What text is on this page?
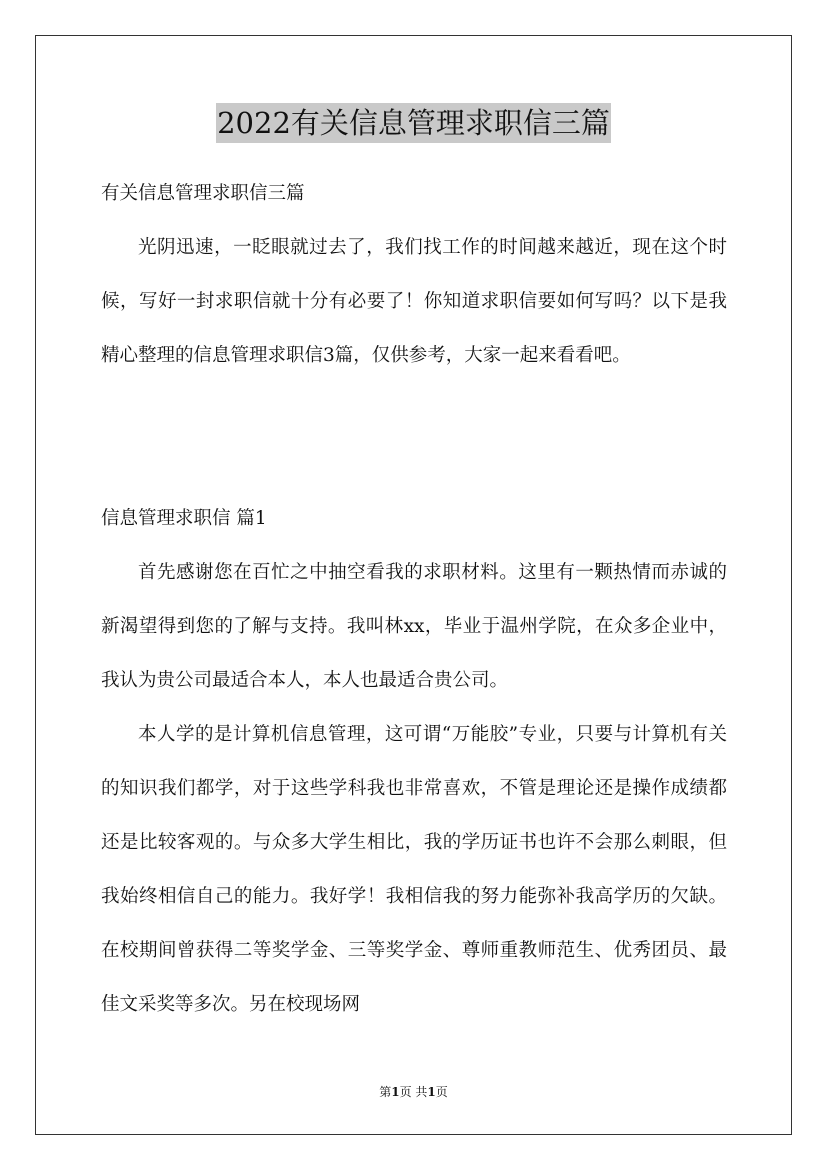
2022有关信息管理求职信三篇
有关信息管理求职信三篇

光阴迅速，一眨眼就过去了，我们找工作的时间越来越近，现在这个时候，写好一封求职信就十分有必要了！你知道求职信要如何写吗？以下是我精心整理的信息管理求职信3篇，仅供参考，大家一起来看看吧。

信息管理求职信 篇1

首先感谢您在百忙之中抽空看我的求职材料。这里有一颗热情而赤诚的新渴望得到您的了解与支持。我叫林xx，毕业于温州学院，在众多企业中，我认为贵公司最适合本人，本人也最适合贵公司。

本人学的是计算机信息管理，这可谓“万能胶”专业，只要与计算机有关的知识我们都学，对于这些学科我也非常喜欢，不管是理论还是操作成绩都还是比较客观的。与众多大学生相比，我的学历证书也许不会那么刺眼，但我始终相信自己的能力。我好学！我相信我的努力能弥补我高学历的欠缺。在校期间曾获得二等奖学金、三等奖学金、尊师重教师范生、优秀团员、最佳文采奖等多次。另在校现场网

第1页 共1页
